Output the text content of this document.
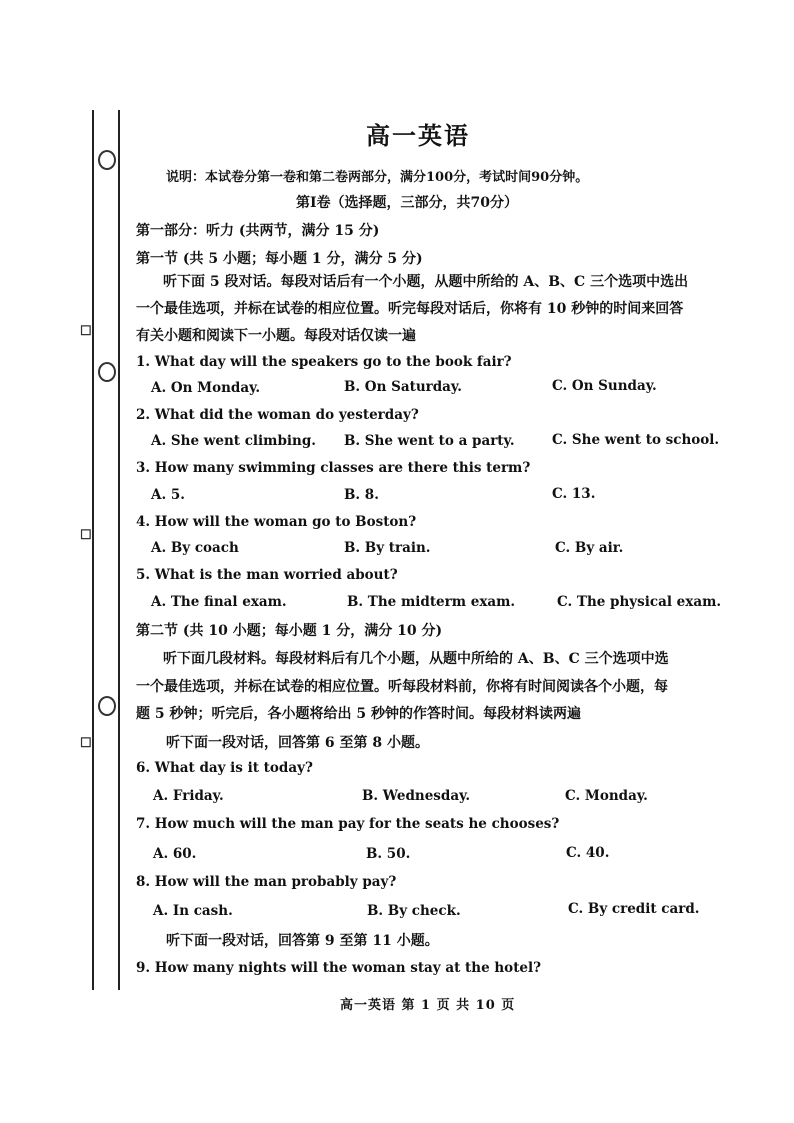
☐
☐
☐
高一英语
说明：本试卷分第一卷和第二卷两部分，满分100分，考试时间90分钟。
第Ⅰ卷（选择题，三部分，共70分）
第一部分：听力 (共两节，满分 15 分)
第一节 (共 5 小题；每小题 1 分，满分 5 分)
听下面 5 段对话。每段对话后有一个小题，从题中所给的 A、B、C 三个选项中选出
一个最佳选项，并标在试卷的相应位置。听完每段对话后，你将有 10 秒钟的时间来回答
有关小题和阅读下一小题。每段对话仅读一遍
1. What day will the speakers go to the book fair?
A. On Monday.	B. On Saturday.	C. On Sunday.
2. What did the woman do yesterday?
A. She went climbing. B. She went to a party.	C. She went to school.
3. How many swimming classes are there this term?
A. 5.	B. 8.	C. 13.
4. How will the woman go to Boston?
A. By coach	B. By train.	C. By air.
5. What is the man worried about?
A. The final exam.	B. The midterm exam.	C. The physical exam.
第二节 (共 10 小题；每小题 1 分，满分 10 分)
听下面几段材料。每段材料后有几个小题，从题中所给的 A、B、C 三个选项中选
一个最佳选项，并标在试卷的相应位置。听每段材料前，你将有时间阅读各个小题，每
题 5 秒钟；听完后，各小题将给出 5 秒钟的作答时间。每段材料读两遍
听下面一段对话，回答第 6 至第 8 小题。
6. What day is it today?
A. Friday.	B. Wednesday.	C. Monday.
7. How much will the man pay for the seats he chooses?
A. 60.	B. 50.	C. 40.
8. How will the man probably pay?
A. In cash.	B. By check.	C. By credit card.
听下面一段对话，回答第 9 至第 11 小题。
9. How many nights will the woman stay at the hotel?
高一英语 第 1 页 共 10 页
